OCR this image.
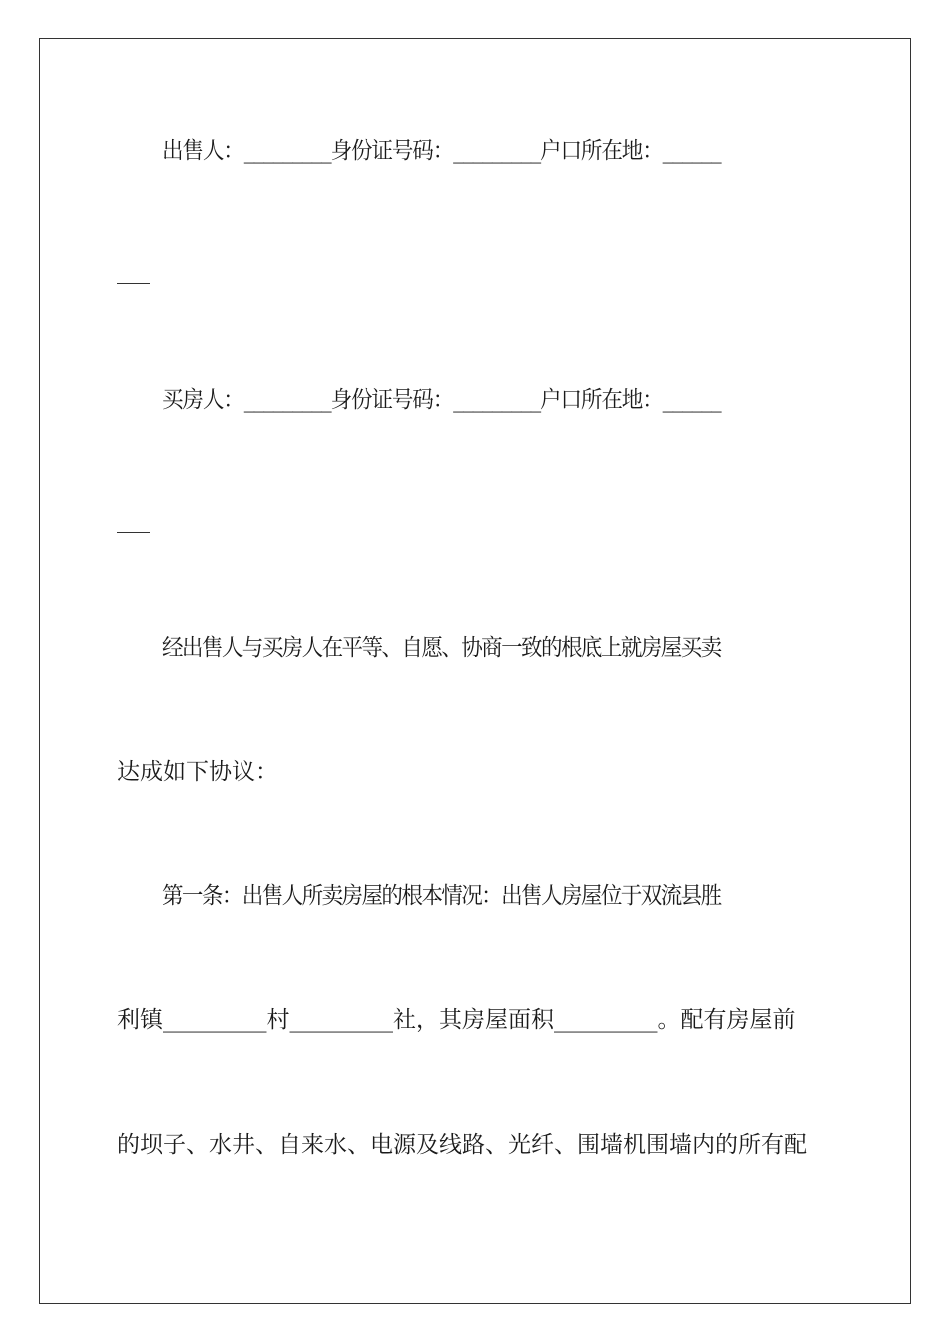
出售人：_________身份证号码：_________户口所在地：______
买房人：_________身份证号码：_________户口所在地：______
经出售人与买房人在平等、自愿、协商一致的根底上就房屋买卖
达成如下协议：
第一条：出售人所卖房屋的根本情况：出售人房屋位于双流县胜
利镇_________村_________社，其房屋面积_________。配有房屋前
的坝子、水井、自来水、电源及线路、光纤、围墙机围墙内的所有配
